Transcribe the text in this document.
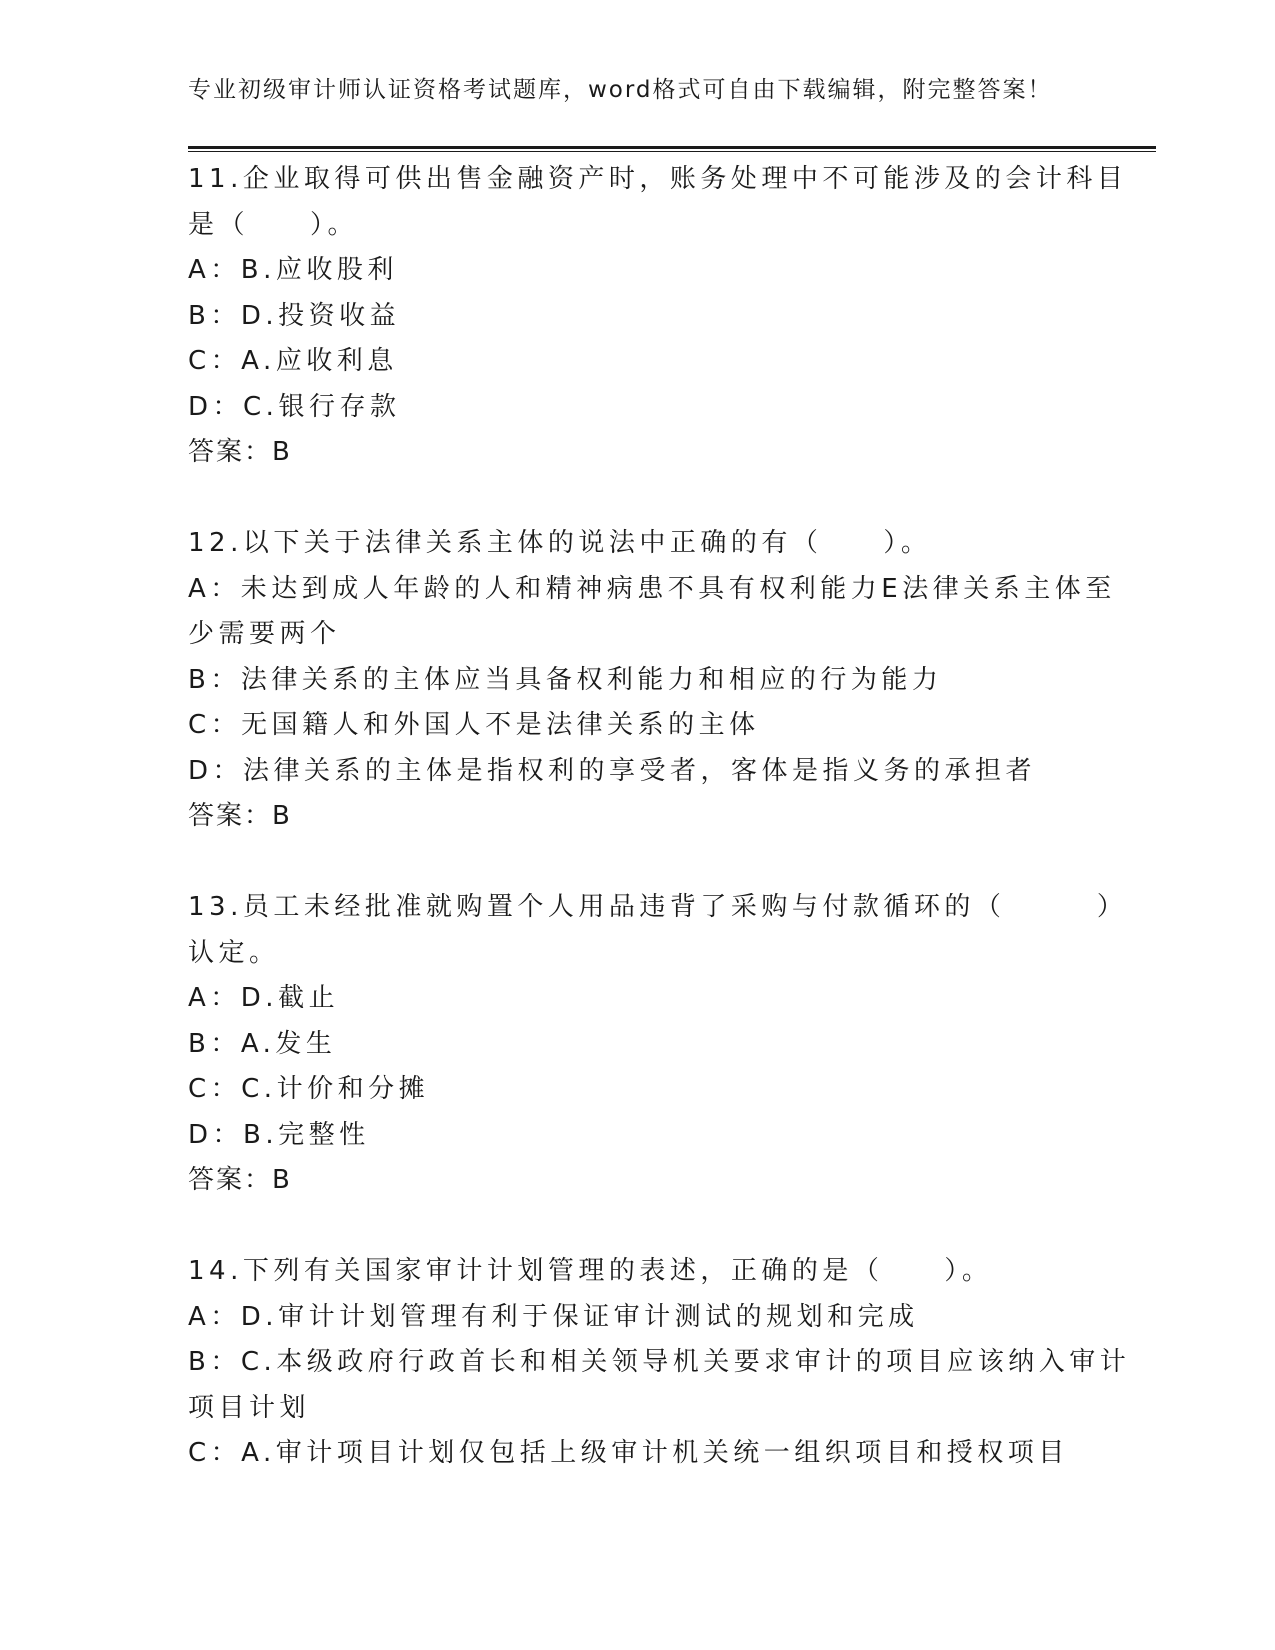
专业初级审计师认证资格考试题库，word格式可自由下载编辑，附完整答案！
11.企业取得可供出售金融资产时，账务处理中不可能涉及的会计科目
是（　　）。
A：B.应收股利
B：D.投资收益
C：A.应收利息
D：C.银行存款
答案：B
12.以下关于法律关系主体的说法中正确的有（　　）。
A：未达到成人年龄的人和精神病患不具有权利能力E法律关系主体至
少需要两个
B：法律关系的主体应当具备权利能力和相应的行为能力
C：无国籍人和外国人不是法律关系的主体
D：法律关系的主体是指权利的享受者，客体是指义务的承担者
答案：B
13.员工未经批准就购置个人用品违背了采购与付款循环的（　　　）
认定。
A：D.截止
B：A.发生
C：C.计价和分摊
D：B.完整性
答案：B
14.下列有关国家审计计划管理的表述，正确的是（　　）。
A：D.审计计划管理有利于保证审计测试的规划和完成
B：C.本级政府行政首长和相关领导机关要求审计的项目应该纳入审计
项目计划
C：A.审计项目计划仅包括上级审计机关统一组织项目和授权项目
